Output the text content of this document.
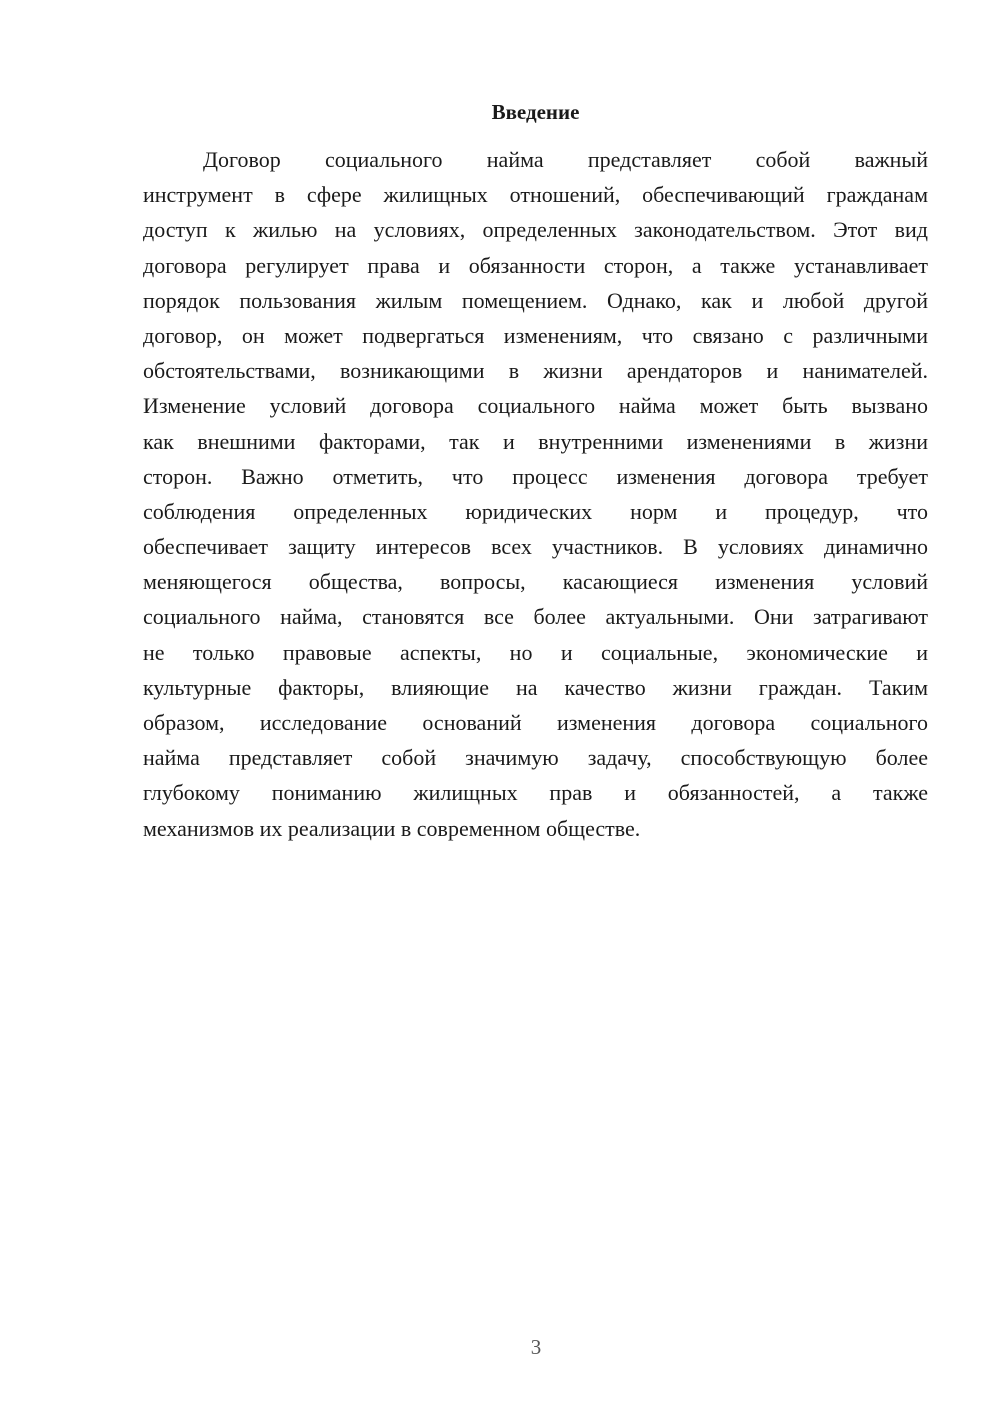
Введение
Договор социального найма представляет собой важный
инструмент в сфере жилищных отношений, обеспечивающий гражданам
доступ к жилью на условиях, определенных законодательством. Этот вид
договора регулирует права и обязанности сторон, а также устанавливает
порядок пользования жилым помещением. Однако, как и любой другой
договор, он может подвергаться изменениям, что связано с различными
обстоятельствами, возникающими в жизни арендаторов и нанимателей.
Изменение условий договора социального найма может быть вызвано
как внешними факторами, так и внутренними изменениями в жизни
сторон. Важно отметить, что процесс изменения договора требует
соблюдения определенных юридических норм и процедур, что
обеспечивает защиту интересов всех участников. В условиях динамично
меняющегося общества, вопросы, касающиеся изменения условий
социального найма, становятся все более актуальными. Они затрагивают
не только правовые аспекты, но и социальные, экономические и
культурные факторы, влияющие на качество жизни граждан. Таким
образом, исследование оснований изменения договора социального
найма представляет собой значимую задачу, способствующую более
глубокому пониманию жилищных прав и обязанностей, а также
механизмов их реализации в современном обществе.
3
